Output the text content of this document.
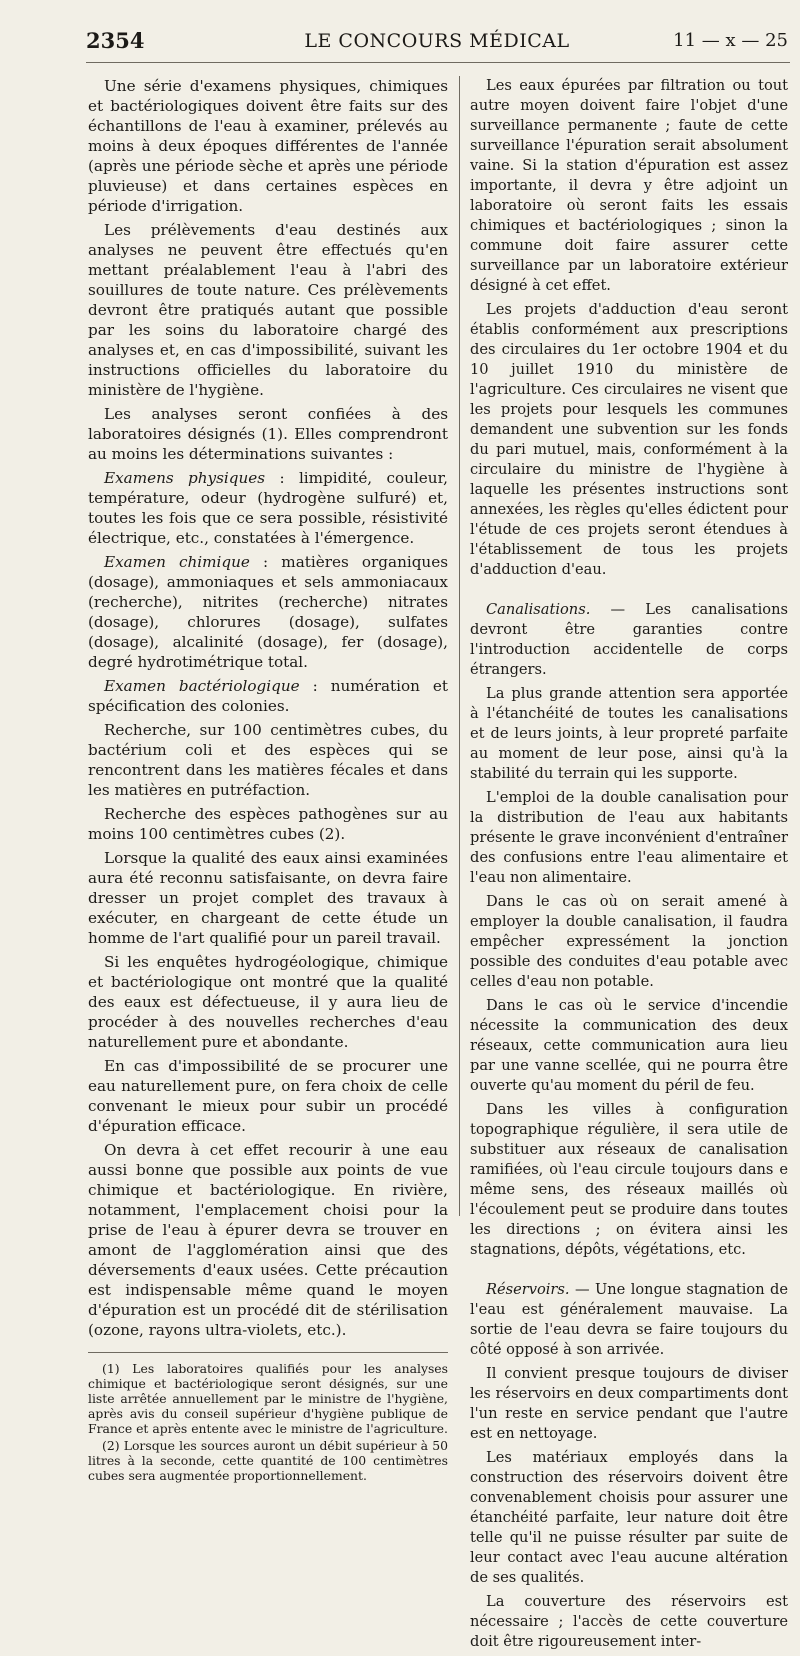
2354	LE CONCOURS MÉDICAL	11 — x — 25

Une série d'examens physiques, chimiques et bactériologiques doivent être faits sur des échantillons de l'eau à examiner, prélevés au moins à deux époques différentes de l'année (après une période sèche et après une période pluvieuse) et dans certaines espèces en période d'irrigation.

Les prélèvements d'eau destinés aux analyses ne peuvent être effectués qu'en mettant préalablement l'eau à l'abri des souillures de toute nature. Ces prélèvements devront être pratiqués autant que possible par les soins du laboratoire chargé des analyses et, en cas d'impossibilité, suivant les instructions officielles du laboratoire du ministère de l'hygiène.

Les analyses seront confiées à des laboratoires désignés (1). Elles comprendront au moins les déterminations suivantes :

Examens physiques : limpidité, couleur, température, odeur (hydrogène sulfuré) et, toutes les fois que ce sera possible, résistivité électrique, etc., constatées à l'émergence.

Examen chimique : matières organiques (dosage), ammoniaques et sels ammoniacaux (recherche), nitrites (recherche) nitrates (dosage), chlorures (dosage), sulfates (dosage), alcalinité (dosage), fer (dosage), degré hydrotimétrique total.

Examen bactériologique : numération et spécification des colonies.

Recherche, sur 100 centimètres cubes, du bactérium coli et des espèces qui se rencontrent dans les matières fécales et dans les matières en putréfaction.

Recherche des espèces pathogènes sur au moins 100 centimètres cubes (2).

Lorsque la qualité des eaux ainsi examinées aura été reconnu satisfaisante, on devra faire dresser un projet complet des travaux à exécuter, en chargeant de cette étude un homme de l'art qualifié pour un pareil travail.

Si les enquêtes hydrogéologique, chimique et bactériologique ont montré que la qualité des eaux est défectueuse, il y aura lieu de procéder à des nouvelles recherches d'eau naturellement pure et abondante.

En cas d'impossibilité de se procurer une eau naturellement pure, on fera choix de celle convenant le mieux pour subir un procédé d'épuration efficace.

On devra à cet effet recourir à une eau aussi bonne que possible aux points de vue chimique et bactériologique. En rivière, notamment, l'emplacement choisi pour la prise de l'eau à épurer devra se trouver en amont de l'agglomération ainsi que des déversements d'eaux usées. Cette précaution est indispensable même quand le moyen d'épuration est un procédé dit de stérilisation (ozone, rayons ultra-violets, etc.).

(1) Les laboratoires qualifiés pour les analyses chimique et bactériologique seront désignés, sur une liste arrêtée annuellement par le ministre de l'hygiène, après avis du conseil supérieur d'hygiène publique de France et après entente avec le ministre de l'agriculture.

(2) Lorsque les sources auront un débit supérieur à 50 litres à la seconde, cette quantité de 100 centimètres cubes sera augmentée proportionnellement.

Les eaux épurées par filtration ou tout autre moyen doivent faire l'objet d'une surveillance permanente ; faute de cette surveillance l'épuration serait absolument vaine. Si la station d'épuration est assez importante, il devra y être adjoint un laboratoire où seront faits les essais chimiques et bactériologiques ; sinon la commune doit faire assurer cette surveillance par un laboratoire extérieur désigné à cet effet.

Les projets d'adduction d'eau seront établis conformément aux prescriptions des circulaires du 1er octobre 1904 et du 10 juillet 1910 du ministère de l'agriculture. Ces circulaires ne visent que les projets pour lesquels les communes demandent une subvention sur les fonds du pari mutuel, mais, conformément à la circulaire du ministre de l'hygiène à laquelle les présentes instructions sont annexées, les règles qu'elles édictent pour l'étude de ces projets seront étendues à l'établissement de tous les projets d'adduction d'eau.

Canalisations. — Les canalisations devront être garanties contre l'introduction accidentelle de corps étrangers.

La plus grande attention sera apportée à l'étanchéité de toutes les canalisations et de leurs joints, à leur propreté parfaite au moment de leur pose, ainsi qu'à la stabilité du terrain qui les supporte.

L'emploi de la double canalisation pour la distribution de l'eau aux habitants présente le grave inconvénient d'entraîner des confusions entre l'eau alimentaire et l'eau non alimentaire.

Dans le cas où on serait amené à employer la double canalisation, il faudra empêcher expressément la jonction possible des conduites d'eau potable avec celles d'eau non potable.

Dans le cas où le service d'incendie nécessite la communication des deux réseaux, cette communication aura lieu par une vanne scellée, qui ne pourra être ouverte qu'au moment du péril de feu.

Dans les villes à configuration topographique régulière, il sera utile de substituer aux réseaux de canalisation ramifiées, où l'eau circule toujours dans e même sens, des réseaux maillés où l'écoulement peut se produire dans toutes les directions ; on évitera ainsi les stagnations, dépôts, végétations, etc.

Réservoirs. — Une longue stagnation de l'eau est généralement mauvaise. La sortie de l'eau devra se faire toujours du côté opposé à son arrivée.

Il convient presque toujours de diviser les réservoirs en deux compartiments dont l'un reste en service pendant que l'autre est en nettoyage.

Les matériaux employés dans la construction des réservoirs doivent être convenablement choisis pour assurer une étanchéité parfaite, leur nature doit être telle qu'il ne puisse résulter par suite de leur contact avec l'eau aucune altération de ses qualités.

La couverture des réservoirs est nécessaire ; l'accès de cette couverture doit être rigoureusement inter-
